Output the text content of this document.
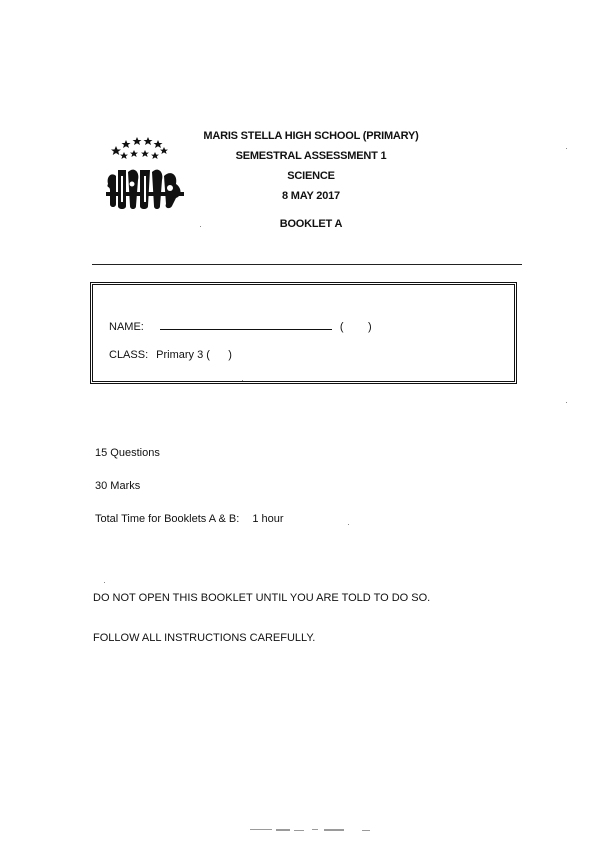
MARIS STELLA HIGH SCHOOL (PRIMARY)
SEMESTRAL ASSESSMENT 1
SCIENCE
8 MAY 2017
BOOKLET A
NAME:	(        )
CLASS: Primary 3 (      )
15 Questions
30 Marks
Total Time for Booklets A & B: 1 hour
DO NOT OPEN THIS BOOKLET UNTIL YOU ARE TOLD TO DO SO.
FOLLOW ALL INSTRUCTIONS CAREFULLY.
